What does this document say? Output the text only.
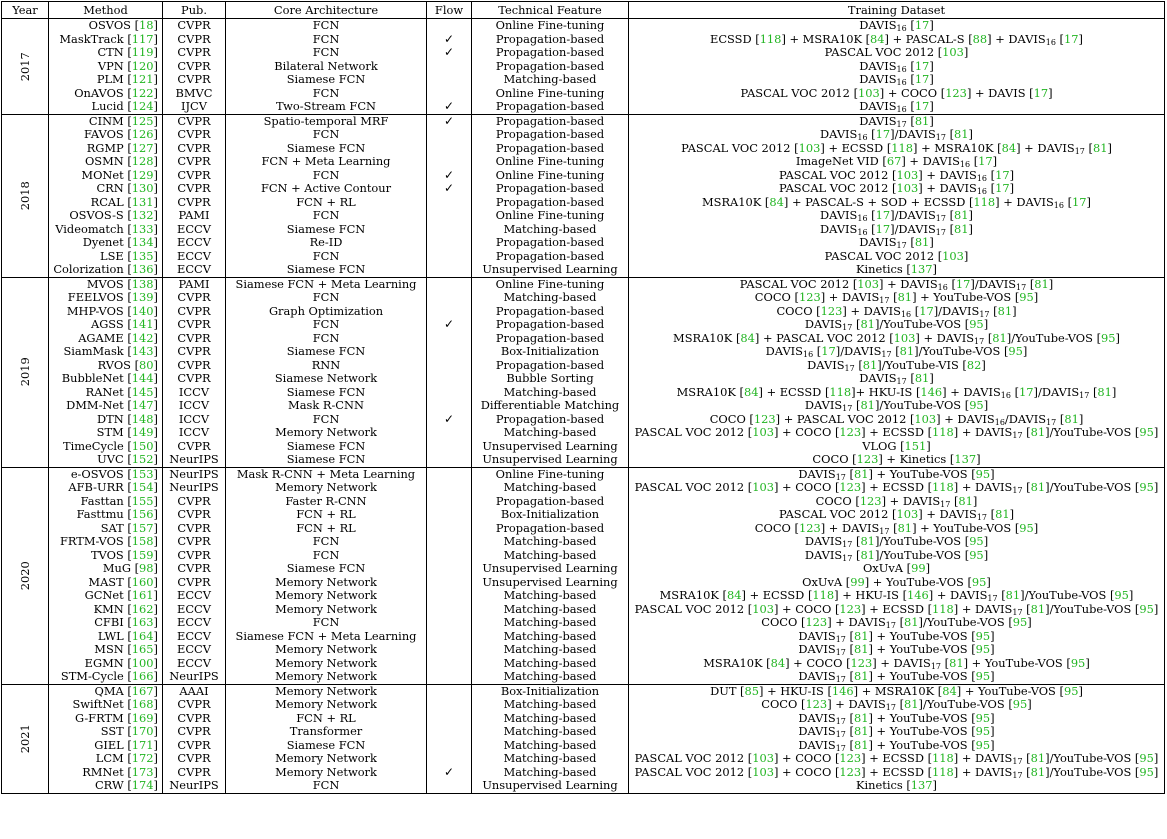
Year	Method	Pub.	Core Architecture	Flow	Technical Feature	Training Dataset
2017	OSVOS [18]	CVPR	FCN		Online Fine-tuning	$DAVIS_{16}$ [17]
	MaskTrack [117]	CVPR	FCN	✓	Propagation-based	ECSSD [118] + MSRA10K [84] + PASCAL-S $[88] + DAVIS_{16}$ [17]
	CTN [119]	CVPR	FCN	✓	Propagation-based	PASCAL VOC 2012 [103]
	VPN [120]	CVPR	Bilateral Network		Propagation-based	$DAVIS_{16}$ [17]
	PLM [121]	CVPR	Siamese FCN		Matching-based	$DAVIS_{16}$ [17]
	OnAVOS [122]	BMVC	FCN		Online Fine-tuning	PASCAL VOC 2012 [103] + COCO [123] + DAVIS [17]
	Lucid [124]	IJCV	Two-Stream FCN	✓	Propagation-based	$DAVIS_{16}$ [17]
2018	CINM [125]	CVPR	Spatio-temporal MRF	✓	Propagation-based	$DAVIS_{17}$ [81]
	FAVOS [126]	CVPR	FCN		Propagation-based	$DAVIS_{16}$ $[17]/DAVIS_{17}$ [81]
	RGMP [127]	CVPR	Siamese FCN		Propagation-based	PASCAL VOC 2012 [103] + ECSSD [118] + MSRA10K $[84] + DAVIS_{17}$ [81]
	OSMN [128]	CVPR	FCN + Meta Learning		Online Fine-tuning	ImageNet VID $[67] + DAVIS_{16}$ [17]
	MONet [129]	CVPR	FCN	✓	Online Fine-tuning	PASCAL VOC 2012 $[103] + DAVIS_{16}$ [17]
	CRN [130]	CVPR	FCN + Active Contour	✓	Propagation-based	PASCAL VOC 2012 $[103] + DAVIS_{16}$ [17]
	RCAL [131]	CVPR	FCN + RL		Propagation-based	MSRA10K [84] + PASCAL-S + SOD + ECSSD $[118] + DAVIS_{16}$ [17]
	OSVOS-S [132]	PAMI	FCN		Online Fine-tuning	$DAVIS_{16}$ $[17]/DAVIS_{17}$ [81]
	Videomatch [133]	ECCV	Siamese FCN		Matching-based	$DAVIS_{16}$ $[17]/DAVIS_{17}$ [81]
	Dyenet [134]	ECCV	Re-ID		Propagation-based	$DAVIS_{17}$ [81]
	LSE [135]	ECCV	FCN		Propagation-based	PASCAL VOC 2012 [103]
	Colorization [136]	ECCV	Siamese FCN		Unsupervised Learning	Kinetics [137]
2019	MVOS [138]	PAMI	Siamese FCN + Meta Learning		Online Fine-tuning	PASCAL VOC 2012 $[103] + DAVIS_{16}$ $[17]/DAVIS_{17}$ [81]
	FEELVOS [139]	CVPR	FCN		Matching-based	COCO $[123] + DAVIS_{17}$ [81] + YouTube-VOS [95]
	MHP-VOS [140]	CVPR	Graph Optimization		Propagation-based	COCO $[123] + DAVIS_{16}$ $[17]/DAVIS_{17}$ [81]
	AGSS [141]	CVPR	FCN	✓	Propagation-based	$DAVIS_{17}$ [81]/YouTube-VOS [95]
	AGAME [142]	CVPR	FCN		Propagation-based	MSRA10K [84] + PASCAL VOC 2012 $[103] + DAVIS_{17}$ [81]/YouTube-VOS [95]
	SiamMask [143]	CVPR	Siamese FCN		Box-Initialization	$DAVIS_{16}$ $[17]/DAVIS_{17}$ [81]/YouTube-VOS [95]
	RVOS [80]	CVPR	RNN		Propagation-based	$DAVIS_{17}$ [81]/YouTube-VIS [82]
	BubbleNet [144]	CVPR	Siamese Network		Bubble Sorting	$DAVIS_{17}$ [81]
	RANet [145]	ICCV	Siamese FCN		Matching-based	MSRA10K [84] + ECSSD [118]+ HKU-IS $[146] + DAVIS_{16}$ $[17]/DAVIS_{17}$ [81]
	DMM-Net [147]	ICCV	Mask R-CNN		Differentiable Matching	$DAVIS_{17}$ [81]/YouTube-VOS [95]
	DTN [148]	ICCV	FCN	✓	Propagation-based	COCO [123] + PASCAL VOC 2012 $[103] + DAVIS_{16}/DAVIS_{17}$ [81]
	STM [149]	ICCV	Memory Network		Matching-based	PASCAL VOC 2012 [103] + COCO [123] + ECSSD $[118] + DAVIS_{17}$ [81]/YouTube-VOS [95]
	TimeCycle [150]	CVPR	Siamese FCN		Unsupervised Learning	VLOG [151]
	UVC [152]	NeurIPS	Siamese FCN		Unsupervised Learning	COCO [123] + Kinetics [137]
2020	e-OSVOS [153]	NeurIPS	Mask R-CNN + Meta Learning		Online Fine-tuning	$DAVIS_{17}$ [81] + YouTube-VOS [95]
	AFB-URR [154]	NeurIPS	Memory Network		Matching-based	PASCAL VOC 2012 [103] + COCO [123] + ECSSD $[118] + DAVIS_{17}$ [81]/YouTube-VOS [95]
	Fasttan [155]	CVPR	Faster R-CNN		Propagation-based	COCO $[123] + DAVIS_{17}$ [81]
	Fasttmu [156]	CVPR	FCN + RL		Box-Initialization	PASCAL VOC 2012 $[103] + DAVIS_{17}$ [81]
	SAT [157]	CVPR	FCN + RL		Propagation-based	COCO $[123] + DAVIS_{17}$ [81] + YouTube-VOS [95]
	FRTM-VOS [158]	CVPR	FCN		Matching-based	$DAVIS_{17}$ [81]/YouTube-VOS [95]
	TVOS [159]	CVPR	FCN		Matching-based	$DAVIS_{17}$ [81]/YouTube-VOS [95]
	MuG [98]	CVPR	Siamese FCN		Unsupervised Learning	OxUvA [99]
	MAST [160]	CVPR	Memory Network		Unsupervised Learning	OxUvA [99] + YouTube-VOS [95]
	GCNet [161]	ECCV	Memory Network		Matching-based	MSRA10K [84] + ECSSD [118] + HKU-IS $[146] + DAVIS_{17}$ [81]/YouTube-VOS [95]
	KMN [162]	ECCV	Memory Network		Matching-based	PASCAL VOC 2012 [103] + COCO [123] + ECSSD $[118] + DAVIS_{17}$ [81]/YouTube-VOS [95]
	CFBI [163]	ECCV	FCN		Matching-based	COCO $[123] + DAVIS_{17}$ [81]/YouTube-VOS [95]
	LWL [164]	ECCV	Siamese FCN + Meta Learning		Matching-based	$DAVIS_{17}$ [81] + YouTube-VOS [95]
	MSN [165]	ECCV	Memory Network		Matching-based	$DAVIS_{17}$ [81] + YouTube-VOS [95]
	EGMN [100]	ECCV	Memory Network		Matching-based	MSRA10K [84] + COCO $[123] + DAVIS_{17}$ [81] + YouTube-VOS [95]
	STM-Cycle [166]	NeurIPS	Memory Network		Matching-based	$DAVIS_{17}$ [81] + YouTube-VOS [95]
2021	QMA [167]	AAAI	Memory Network		Box-Initialization	DUT [85] + HKU-IS [146] + MSRA10K [84] + YouTube-VOS [95]
	SwiftNet [168]	CVPR	Memory Network		Matching-based	COCO $[123] + DAVIS_{17}$ [81]/YouTube-VOS [95]
	G-FRTM [169]	CVPR	FCN + RL		Matching-based	$DAVIS_{17}$ [81] + YouTube-VOS [95]
	SST [170]	CVPR	Transformer		Matching-based	$DAVIS_{17}$ [81] + YouTube-VOS [95]
	GIEL [171]	CVPR	Siamese FCN		Matching-based	$DAVIS_{17}$ [81] + YouTube-VOS [95]
	LCM [172]	CVPR	Memory Network		Matching-based	PASCAL VOC 2012 [103] + COCO [123] + ECSSD $[118] + DAVIS_{17}$ [81]/YouTube-VOS [95]
	RMNet [173]	CVPR	Memory Network	✓	Matching-based	PASCAL VOC 2012 [103] + COCO [123] + ECSSD $[118] + DAVIS_{17}$ [81]/YouTube-VOS [95]
	CRW [174]	NeurIPS	FCN		Unsupervised Learning	Kinetics [137]
